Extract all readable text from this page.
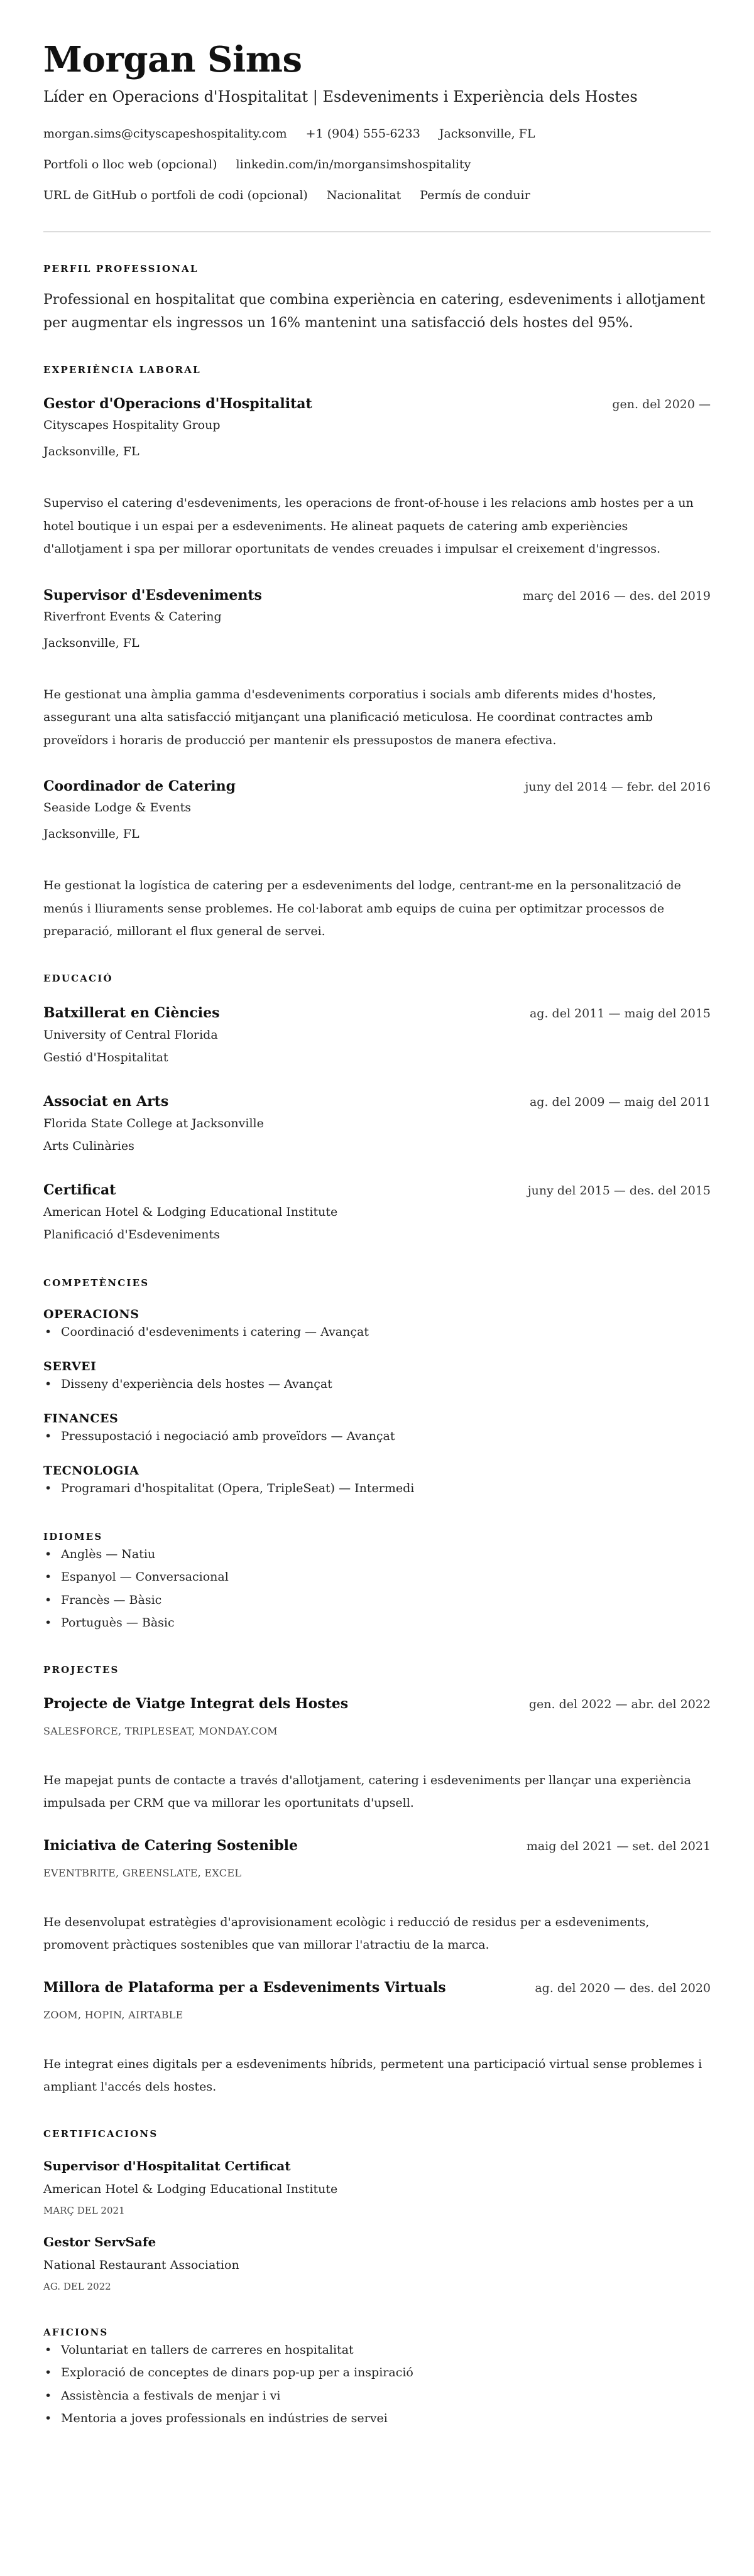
Morgan Sims
Líder en Operacions d'Hospitalitat | Esdeveniments i Experiència dels Hostes
morgan.sims@cityscapeshospitality.com +1 (904) 555-6233 Jacksonville, FL
Portfoli o lloc web (opcional) linkedin.com/in/morgansimshospitality
URL de GitHub o portfoli de codi (opcional) Nacionalitat Permís de conduir
PERFIL PROFESSIONAL

Professional en hospitalitat que combina experiència en catering, esdeveniments i allotjament per augmentar els ingressos un 16% mantenint una satisfacció dels hostes del 95%.

EXPERIÈNCIA LABORAL
Gestor d'Operacions d'Hospitalitat	gen. del 2020 —
Cityscapes Hospitality Group
Jacksonville, FL
Superviso el catering d'esdeveniments, les operacions de front-of-house i les relacions amb hostes per a un hotel boutique i un espai per a esdeveniments. He alineat paquets de catering amb experiències d'allotjament i spa per millorar oportunitats de vendes creuades i impulsar el creixement d'ingressos.
Supervisor d'Esdeveniments	març del 2016 — des. del 2019
Riverfront Events & Catering
Jacksonville, FL
He gestionat una àmplia gamma d'esdeveniments corporatius i socials amb diferents mides d'hostes, assegurant una alta satisfacció mitjançant una planificació meticulosa. He coordinat contractes amb proveïdors i horaris de producció per mantenir els pressupostos de manera efectiva.
Coordinador de Catering	juny del 2014 — febr. del 2016
Seaside Lodge & Events
Jacksonville, FL
He gestionat la logística de catering per a esdeveniments del lodge, centrant-me en la personalització de menús i lliuraments sense problemes. He col·laborat amb equips de cuina per optimitzar processos de preparació, millorant el flux general de servei.
EDUCACIÓ
Batxillerat en Ciències	ag. del 2011 — maig del 2015
University of Central Florida
Gestió d'Hospitalitat
Associat en Arts	ag. del 2009 — maig del 2011
Florida State College at Jacksonville
Arts Culinàries
Certificat	juny del 2015 — des. del 2015
American Hotel & Lodging Educational Institute
Planificació d'Esdeveniments
COMPETÈNCIES
OPERACIONS
• Coordinació d'esdeveniments i catering — Avançat
SERVEI
• Disseny d'experiència dels hostes — Avançat
FINANCES
• Pressupostació i negociació amb proveïdors — Avançat
TECNOLOGIA
• Programari d'hospitalitat (Opera, TripleSeat) — Intermedi
IDIOMES
• Anglès — Natiu
• Espanyol — Conversacional
• Francès — Bàsic
• Portuguès — Bàsic
PROJECTES
Projecte de Viatge Integrat dels Hostes	gen. del 2022 — abr. del 2022
SALESFORCE, TRIPLESEAT, MONDAY.COM
He mapejat punts de contacte a través d'allotjament, catering i esdeveniments per llançar una experiència impulsada per CRM que va millorar les oportunitats d'upsell.
Iniciativa de Catering Sostenible	maig del 2021 — set. del 2021
EVENTBRITE, GREENSLATE, EXCEL
He desenvolupat estratègies d'aprovisionament ecològic i reducció de residus per a esdeveniments, promovent pràctiques sostenibles que van millorar l'atractiu de la marca.
Millora de Plataforma per a Esdeveniments Virtuals	ag. del 2020 — des. del 2020
ZOOM, HOPIN, AIRTABLE
He integrat eines digitals per a esdeveniments híbrids, permetent una participació virtual sense problemes i ampliant l'accés dels hostes.
CERTIFICACIONS
Supervisor d'Hospitalitat Certificat
American Hotel & Lodging Educational Institute
MARÇ DEL 2021
Gestor ServSafe
National Restaurant Association
AG. DEL 2022
AFICIONS
• Voluntariat en tallers de carreres en hospitalitat
• Exploració de conceptes de dinars pop-up per a inspiració
• Assistència a festivals de menjar i vi
• Mentoria a joves professionals en indústries de servei
